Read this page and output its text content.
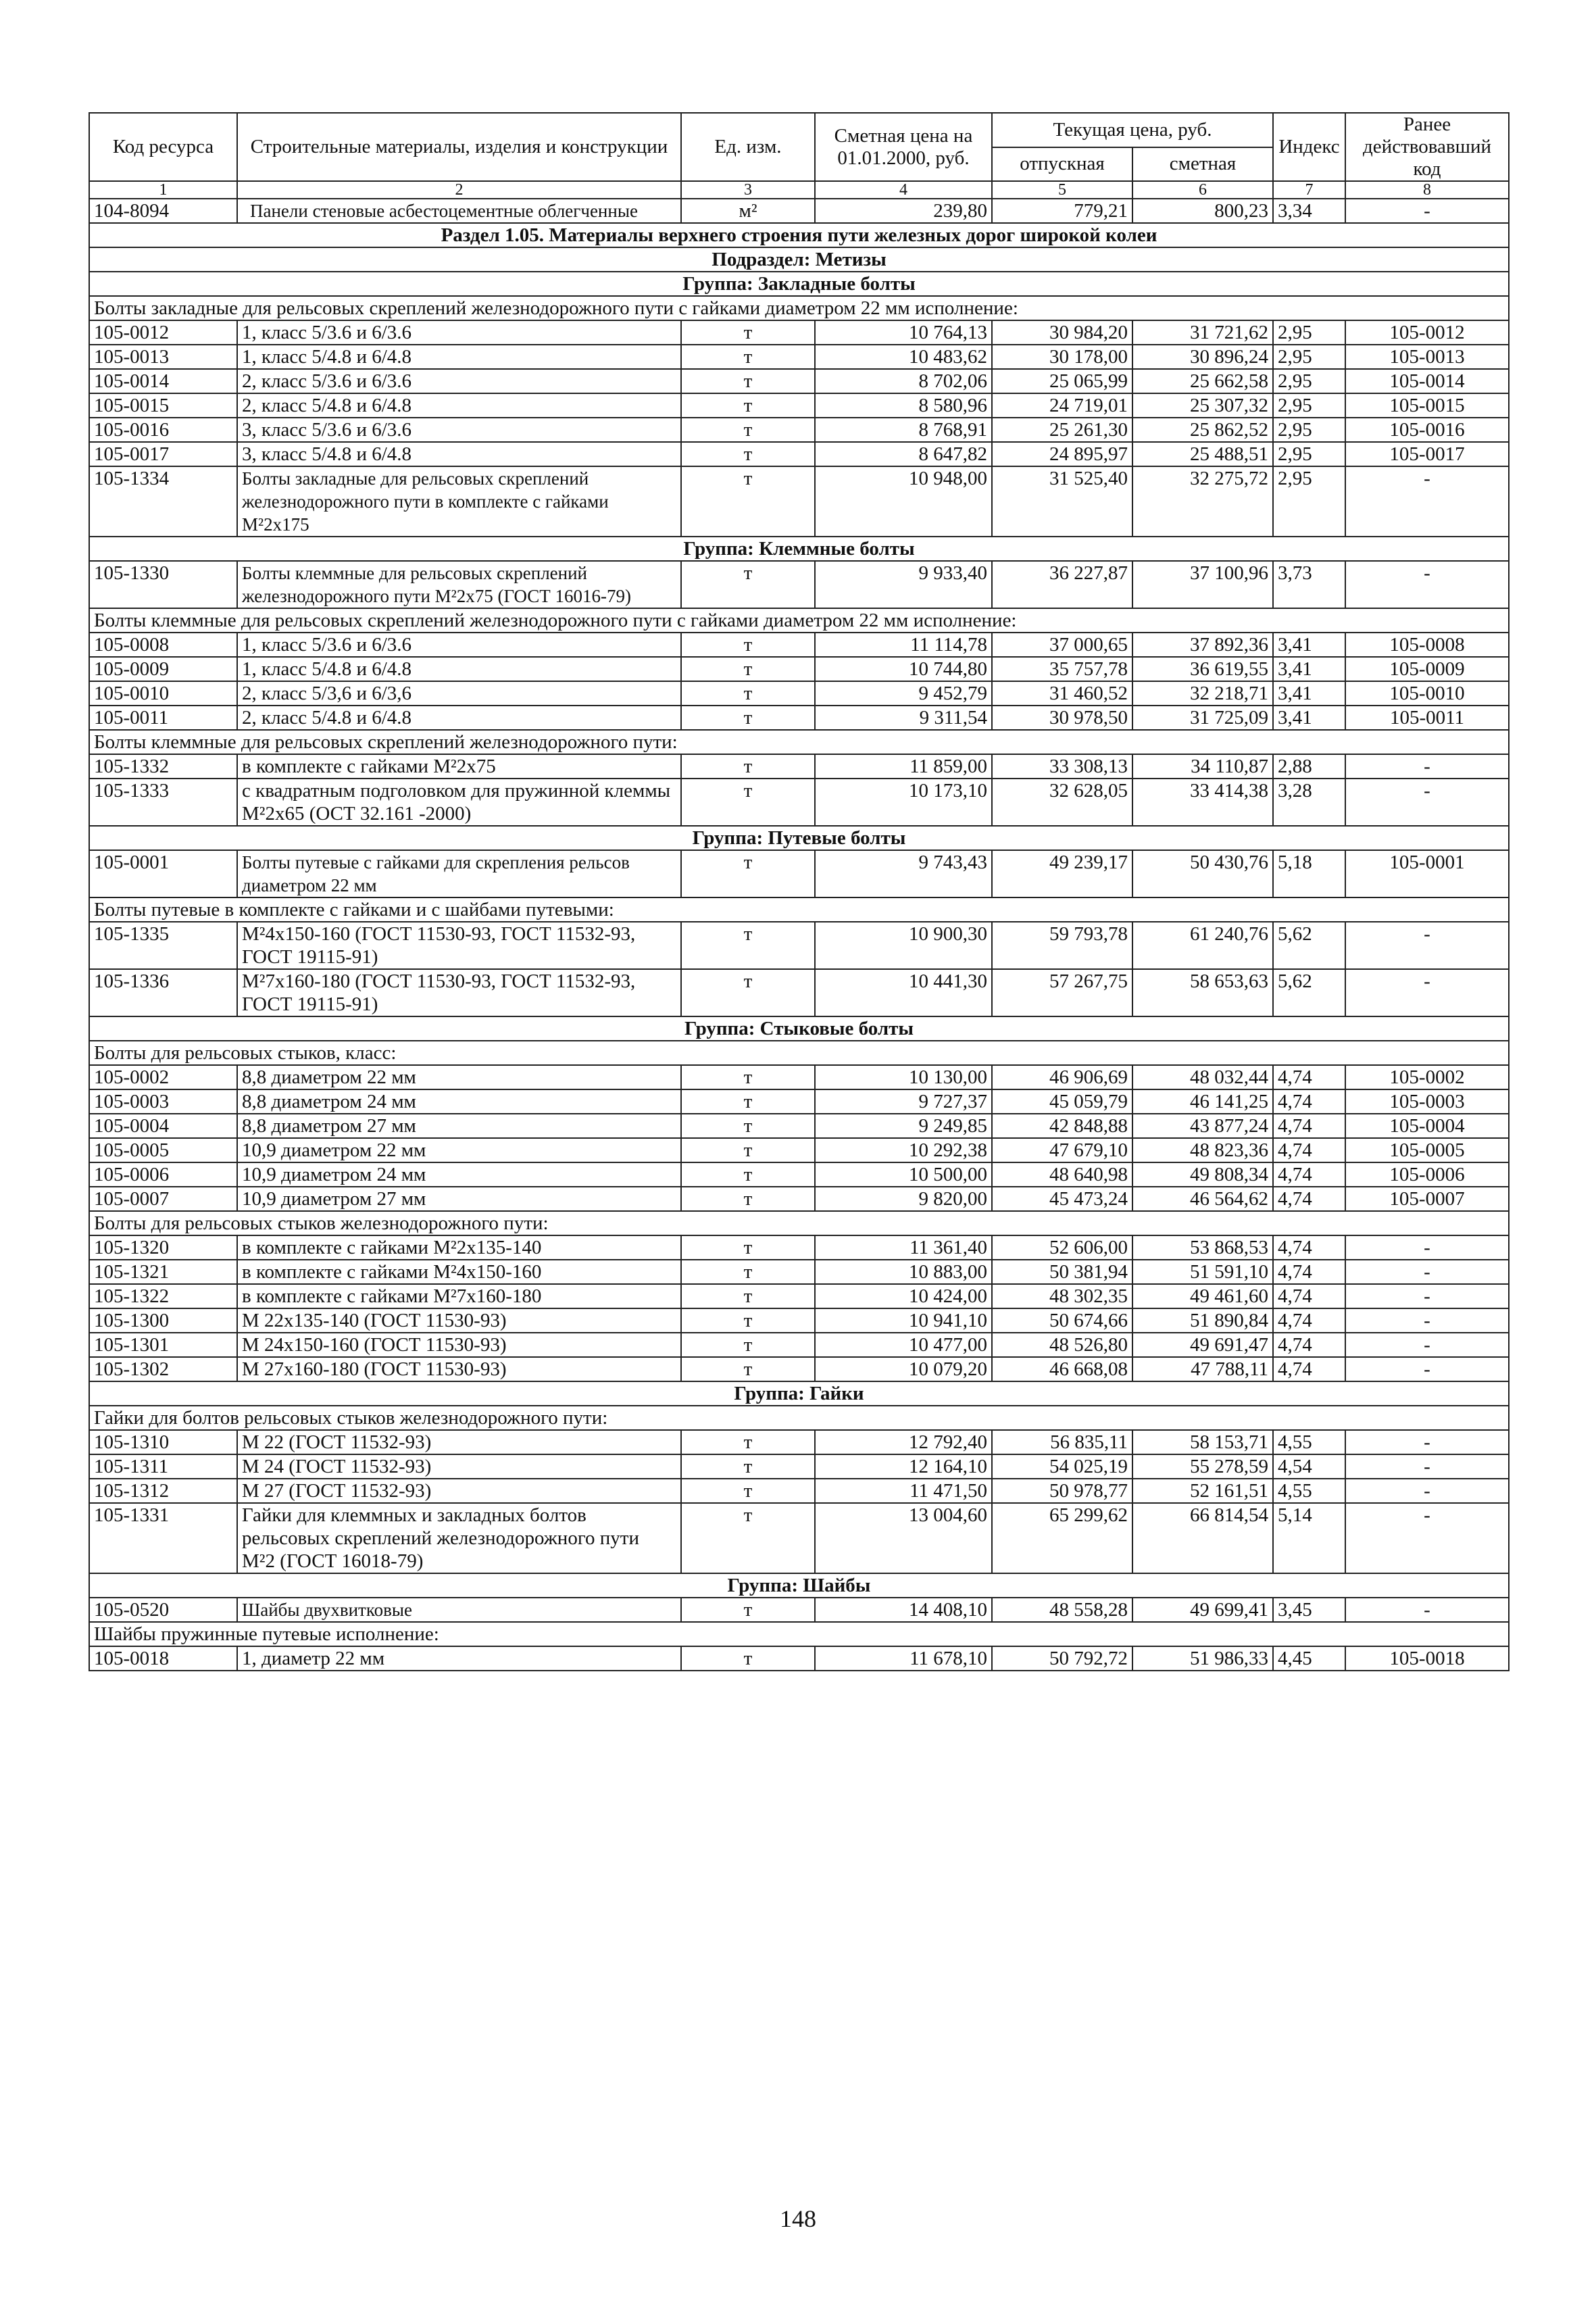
Код ресурса	Строительные материалы, изделия и конструкции	Ед. изм.	Сметная цена на 01.01.2000, руб.	Текущая цена, руб.		Индекс	Ранее действовавший код
				отпускная	сметная		
1	2	3	4	5	6	7	8
104-8094	Панели стеновые асбестоцементные облегченные	м²	239,80	779,21	800,23	3,34	-
Раздел 1.05. Материалы верхнего строения пути железных дорог широкой колеи							
Подраздел: Метизы							
Группа: Закладные болты							
Болты закладные для рельсовых скреплений железнодорожного пути с гайками диаметром 22 мм исполнение:							
105-0012	1, класс 5/3.6 и 6/3.6	т	10 764,13	30 984,20	31 721,62	2,95	105-0012
105-0013	1, класс 5/4.8 и 6/4.8	т	10 483,62	30 178,00	30 896,24	2,95	105-0013
105-0014	2, класс 5/3.6 и 6/3.6	т	8 702,06	25 065,99	25 662,58	2,95	105-0014
105-0015	2, класс 5/4.8 и 6/4.8	т	8 580,96	24 719,01	25 307,32	2,95	105-0015
105-0016	3, класс 5/3.6 и 6/3.6	т	8 768,91	25 261,30	25 862,52	2,95	105-0016
105-0017	3, класс 5/4.8 и 6/4.8	т	8 647,82	24 895,97	25 488,51	2,95	105-0017
105-1334	Болты закладные для рельсовых скреплений железнодорожного пути в комплекте с гайками М²2х175	т	10 948,00	31 525,40	32 275,72	2,95	-
Группа: Клеммные болты							
105-1330	Болты клеммные для рельсовых скреплений железнодорожного пути М²2х75 (ГОСТ 16016-79)	т	9 933,40	36 227,87	37 100,96	3,73	-
Болты клеммные для рельсовых скреплений железнодорожного пути с гайками диаметром 22 мм исполнение:							
105-0008	1, класс 5/3.6 и 6/3.6	т	11 114,78	37 000,65	37 892,36	3,41	105-0008
105-0009	1, класс 5/4.8 и 6/4.8	т	10 744,80	35 757,78	36 619,55	3,41	105-0009
105-0010	2, класс 5/3,6 и 6/3,6	т	9 452,79	31 460,52	32 218,71	3,41	105-0010
105-0011	2, класс 5/4.8 и 6/4.8	т	9 311,54	30 978,50	31 725,09	3,41	105-0011
Болты клеммные для рельсовых скреплений железнодорожного пути:							
105-1332	в комплекте с гайками М²2х75	т	11 859,00	33 308,13	34 110,87	2,88	-
105-1333	с квадратным подголовком для пружинной клеммы М²2х65 (ОСТ 32.161 -2000)	т	10 173,10	32 628,05	33 414,38	3,28	-
Группа: Путевые болты							
105-0001	Болты путевые с гайками для скрепления рельсов диаметром 22 мм	т	9 743,43	49 239,17	50 430,76	5,18	105-0001
Болты путевые в комплекте с гайками и с шайбами путевыми:							
105-1335	М²4х150-160 (ГОСТ 11530-93, ГОСТ 11532-93, ГОСТ 19115-91)	т	10 900,30	59 793,78	61 240,76	5,62	-
105-1336	М²7х160-180 (ГОСТ 11530-93, ГОСТ 11532-93, ГОСТ 19115-91)	т	10 441,30	57 267,75	58 653,63	5,62	-
Группа: Стыковые болты							
Болты для рельсовых стыков, класс:							
105-0002	8,8 диаметром 22 мм	т	10 130,00	46 906,69	48 032,44	4,74	105-0002
105-0003	8,8 диаметром 24 мм	т	9 727,37	45 059,79	46 141,25	4,74	105-0003
105-0004	8,8 диаметром 27 мм	т	9 249,85	42 848,88	43 877,24	4,74	105-0004
105-0005	10,9 диаметром 22 мм	т	10 292,38	47 679,10	48 823,36	4,74	105-0005
105-0006	10,9 диаметром 24 мм	т	10 500,00	48 640,98	49 808,34	4,74	105-0006
105-0007	10,9 диаметром 27 мм	т	9 820,00	45 473,24	46 564,62	4,74	105-0007
Болты для рельсовых стыков железнодорожного пути:							
105-1320	в комплекте с гайками М²2х135-140	т	11 361,40	52 606,00	53 868,53	4,74	-
105-1321	в комплекте с гайками М²4х150-160	т	10 883,00	50 381,94	51 591,10	4,74	-
105-1322	в комплекте с гайками М²7х160-180	т	10 424,00	48 302,35	49 461,60	4,74	-
105-1300	М 22х135-140 (ГОСТ 11530-93)	т	10 941,10	50 674,66	51 890,84	4,74	-
105-1301	М 24х150-160 (ГОСТ 11530-93)	т	10 477,00	48 526,80	49 691,47	4,74	-
105-1302	М 27х160-180 (ГОСТ 11530-93)	т	10 079,20	46 668,08	47 788,11	4,74	-
Группа: Гайки							
Гайки для болтов рельсовых стыков железнодорожного пути:							
105-1310	М 22 (ГОСТ 11532-93)	т	12 792,40	56 835,11	58 153,71	4,55	-
105-1311	М 24 (ГОСТ 11532-93)	т	12 164,10	54 025,19	55 278,59	4,54	-
105-1312	М 27 (ГОСТ 11532-93)	т	11 471,50	50 978,77	52 161,51	4,55	-
105-1331	Гайки для клеммных и закладных болтов рельсовых скреплений железнодорожного пути М²2 (ГОСТ 16018-79)	т	13 004,60	65 299,62	66 814,54	5,14	-
Группа: Шайбы							
105-0520	Шайбы двухвитковые	т	14 408,10	48 558,28	49 699,41	3,45	-
Шайбы пружинные путевые исполнение:							
105-0018	1, диаметр 22 мм	т	11 678,10	50 792,72	51 986,33	4,45	105-0018
148
